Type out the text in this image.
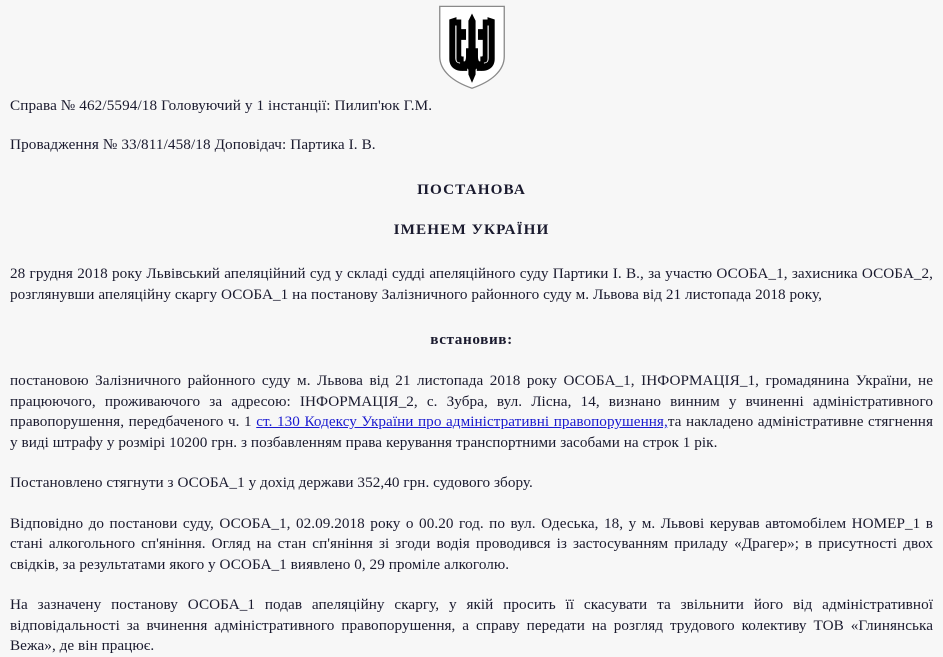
Справа № 462/5594/18 Головуючий у 1 інстанції: Пилип'юк Г.М.

Провадження № 33/811/458/18 Доповідач: Партика І. В.

ПОСТАНОВА
ІМЕНЕМ УКРАЇНИ

28 грудня 2018 року Львівський апеляційний суд у складі судді апеляційного суду Партики І. В., за участю ОСОБА_1, захисника ОСОБА_2, розглянувши апеляційну скаргу ОСОБА_1 на постанову Залізничного районного суду м. Львова від 21 листопада 2018 року,

встановив:

постановою Залізничного районного суду м. Львова від 21 листопада 2018 року ОСОБА_1, ІНФОРМАЦІЯ_1, громадянина України, не працюючого, проживаючого за адресою: ІНФОРМАЦІЯ_2, с. Зубра, вул. Лісна, 14, визнано винним у вчиненні адміністративного правопорушення, передбаченого ч. 1 ст. 130 Кодексу України про адміністративні правопорушення,та накладено адміністративне стягнення у виді штрафу у розмірі 10200 грн. з позбавленням права керування транспортними засобами на строк 1 рік.

Постановлено стягнути з ОСОБА_1 у дохід держави 352,40 грн. судового збору.

Відповідно до постанови суду, ОСОБА_1, 02.09.2018 року о 00.20 год. по вул. Одеська, 18, у м. Львові керував автомобілем НОМЕР_1 в стані алкогольного сп'яніння. Огляд на стан сп'яніння зі згоди водія проводився із застосуванням приладу «Драгер»; в присутності двох свідків, за результатами якого у ОСОБА_1 виявлено 0, 29 проміле алкоголю.

На зазначену постанову ОСОБА_1 подав апеляційну скаргу, у якій просить її скасувати та звільнити його від адміністративної відповідальності за вчинення адміністративного правопорушення, а справу передати на розгляд трудового колективу ТОВ «Глинянська Вежа», де він працює.
